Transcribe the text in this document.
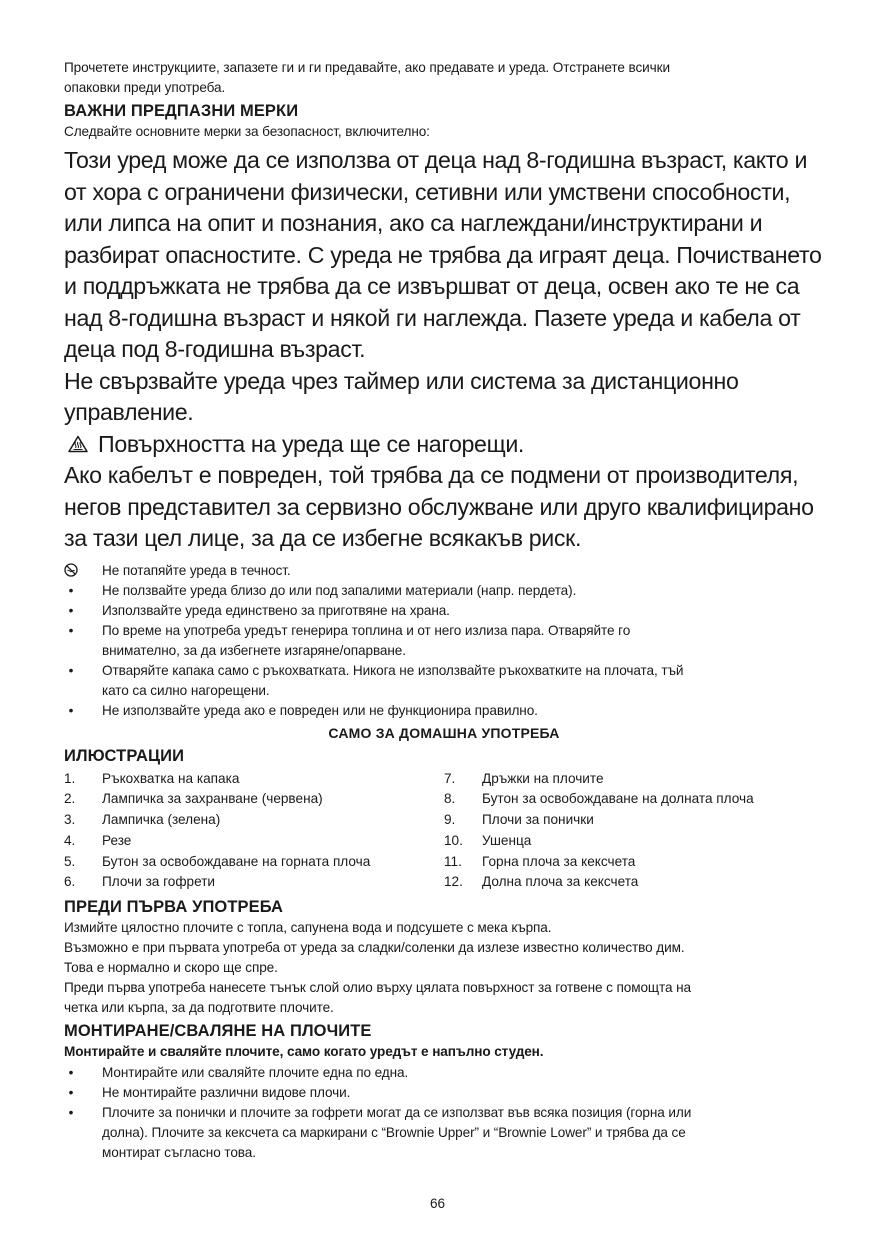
Прочетете инструкциите, запазете ги и ги предавайте, ако предавате и уреда. Отстранете всички
опаковки преди употреба.
ВАЖНИ ПРЕДПАЗНИ МЕРКИ
Следвайте основните мерки за безопасност, включително:
Този уред може да се използва от деца над 8-годишна възраст, както и
от хора с ограничени физически, сетивни или умствени способности,
или липса на опит и познания, ако са наглеждани/инструктирани и
разбират опасностите. С уреда не трябва да играят деца. Почистването
и поддръжката не трябва да се извършват от деца, освен ако те не са
над 8-годишна възраст и някой ги наглежда. Пазете уреда и кабела от
деца под 8-годишна възраст.
Не свързвайте уреда чрез таймер или система за дистанционно
управление.
Повърхността на уреда ще се нагорещи.
Ако кабелът е повреден, той трябва да се подмени от производителя,
негов представител за сервизно обслужване или друго квалифицирано
за тази цел лице, за да се избегне всякакъв риск.
Не потапяйте уреда в течност.
•	Не ползвайте уреда близо до или под запалими материали (напр. пердета).
•	Използвайте уреда единствено за приготвяне на храна.
•	По време на употреба уредът генерира топлина и от него излиза пара. Отваряйте го
внимателно, за да избегнете изгаряне/опарване.
•	Отваряйте капака само с ръкохватката. Никога не използвайте ръкохватките на плочата, тъй
като са силно нагорещени.
•	Не използвайте уреда ако е повреден или не функционира правилно.
САМО ЗА ДОМАШНА УПОТРЕБА
ИЛЮСТРАЦИИ
1.	Ръкохватка на капака
2.	Лампичка за захранване (червена)
3.	Лампичка (зелена)
4.	Резе
5.	Бутон за освобождаване на горната плоча
6.	Плочи за гофрети
7.	Дръжки на плочите
8.	Бутон за освобождаване на долната плоча
9.	Плочи за понички
10.	Ушенца
11.	Горна плоча за кексчета
12.	Долна плоча за кексчета
ПРЕДИ ПЪРВА УПОТРЕБА
Измийте цялостно плочите с топла, сапунена вода и подсушете с мека кърпа.
Възможно е при първата употреба от уреда за сладки/соленки да излезе известно количество дим.
Това е нормално и скоро ще спре.
Преди първа употреба нанесете тънък слой олио върху цялата повърхност за готвене с помощта на
четка или кърпа, за да подготвите плочите.
МОНТИРАНЕ/СВАЛЯНЕ НА ПЛОЧИТЕ
Монтирайте и сваляйте плочите, само когато уредът е напълно студен.
•	Монтирайте или сваляйте плочите една по една.
•	Не монтирайте различни видове плочи.
•	Плочите за понички и плочите за гофрети могат да се използват във всяка позиция (горна или
долна). Плочите за кексчета са маркирани с “Brownie Upper” и “Brownie Lower” и трябва да се
монтират съгласно това.
66
